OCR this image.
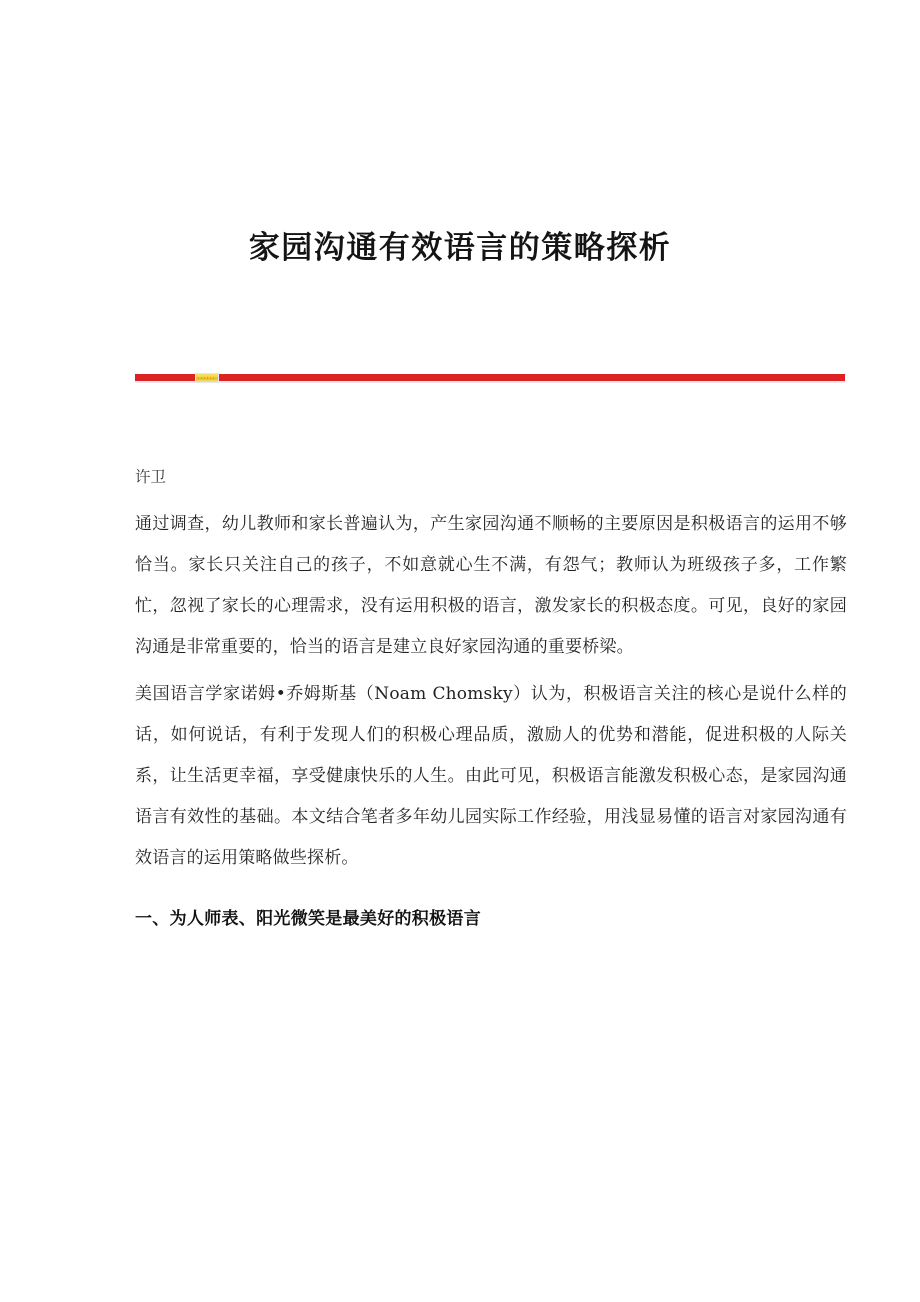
家园沟通有效语言的策略探析
许卫

通过调查，幼儿教师和家长普遍认为，产生家园沟通不顺畅的主要原因是积极语言的运用不够恰当。家长只关注自己的孩子，不如意就心生不满，有怨气；教师认为班级孩子多，工作繁忙，忽视了家长的心理需求，没有运用积极的语言，激发家长的积极态度。可见，良好的家园沟通是非常重要的，恰当的语言是建立良好家园沟通的重要桥梁。

美国语言学家诺姆•乔姆斯基（Noam Chomsky）认为，积极语言关注的核心是说什么样的话，如何说话，有利于发现人们的积极心理品质，激励人的优势和潜能，促进积极的人际关系，让生活更幸福，享受健康快乐的人生。由此可见，积极语言能激发积极心态，是家园沟通语言有效性的基础。本文结合笔者多年幼儿园实际工作经验，用浅显易懂的语言对家园沟通有效语言的运用策略做些探析。

一、为人师表、阳光微笑是最美好的积极语言
